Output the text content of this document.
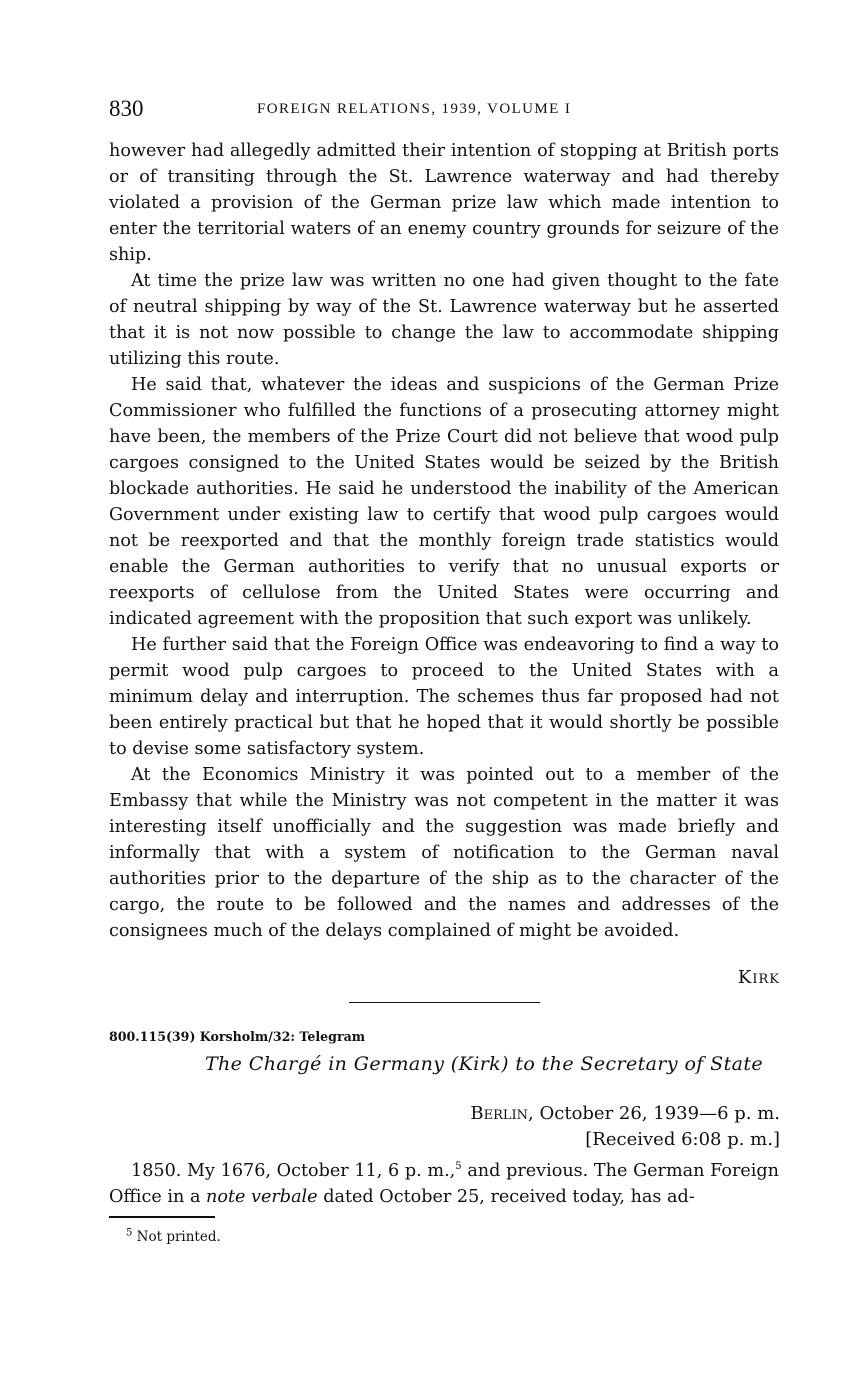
830	FOREIGN RELATIONS, 1939, VOLUME I

however had allegedly admitted their intention of stopping at British ports or of transiting through the St. Lawrence waterway and had thereby violated a provision of the German prize law which made intention to enter the territorial waters of an enemy country grounds for seizure of the ship.

At time the prize law was written no one had given thought to the fate of neutral shipping by way of the St. Lawrence waterway but he asserted that it is not now possible to change the law to accommodate shipping utilizing this route.

He said that, whatever the ideas and suspicions of the German Prize Commissioner who fulfilled the functions of a prosecuting attorney might have been, the members of the Prize Court did not believe that wood pulp cargoes consigned to the United States would be seized by the British blockade authorities. He said he understood the inability of the American Government under existing law to certify that wood pulp cargoes would not be reexported and that the monthly foreign trade statistics would enable the German authorities to verify that no unusual exports or reexports of cellulose from the United States were occurring and indicated agreement with the proposition that such export was unlikely.

He further said that the Foreign Office was endeavoring to find a way to permit wood pulp cargoes to proceed to the United States with a minimum delay and interruption. The schemes thus far proposed had not been entirely practical but that he hoped that it would shortly be possible to devise some satisfactory system.

At the Economics Ministry it was pointed out to a member of the Embassy that while the Ministry was not competent in the matter it was interesting itself unofficially and the suggestion was made briefly and informally that with a system of notification to the German naval authorities prior to the departure of the ship as to the character of the cargo, the route to be followed and the names and addresses of the consignees much of the delays complained of might be avoided.

Kirk
800.115(39) Korsholm/32: Telegram
The Chargé in Germany (Kirk) to the Secretary of State
Berlin, October 26, 1939—6 p. m.
[Received 6:08 p. m.]

1850. My 1676, October 11, 6 p. m.,$^5$ and previous. The German Foreign Office in a note verbale dated October 25, received today, has ad-

$^5$ Not printed.
